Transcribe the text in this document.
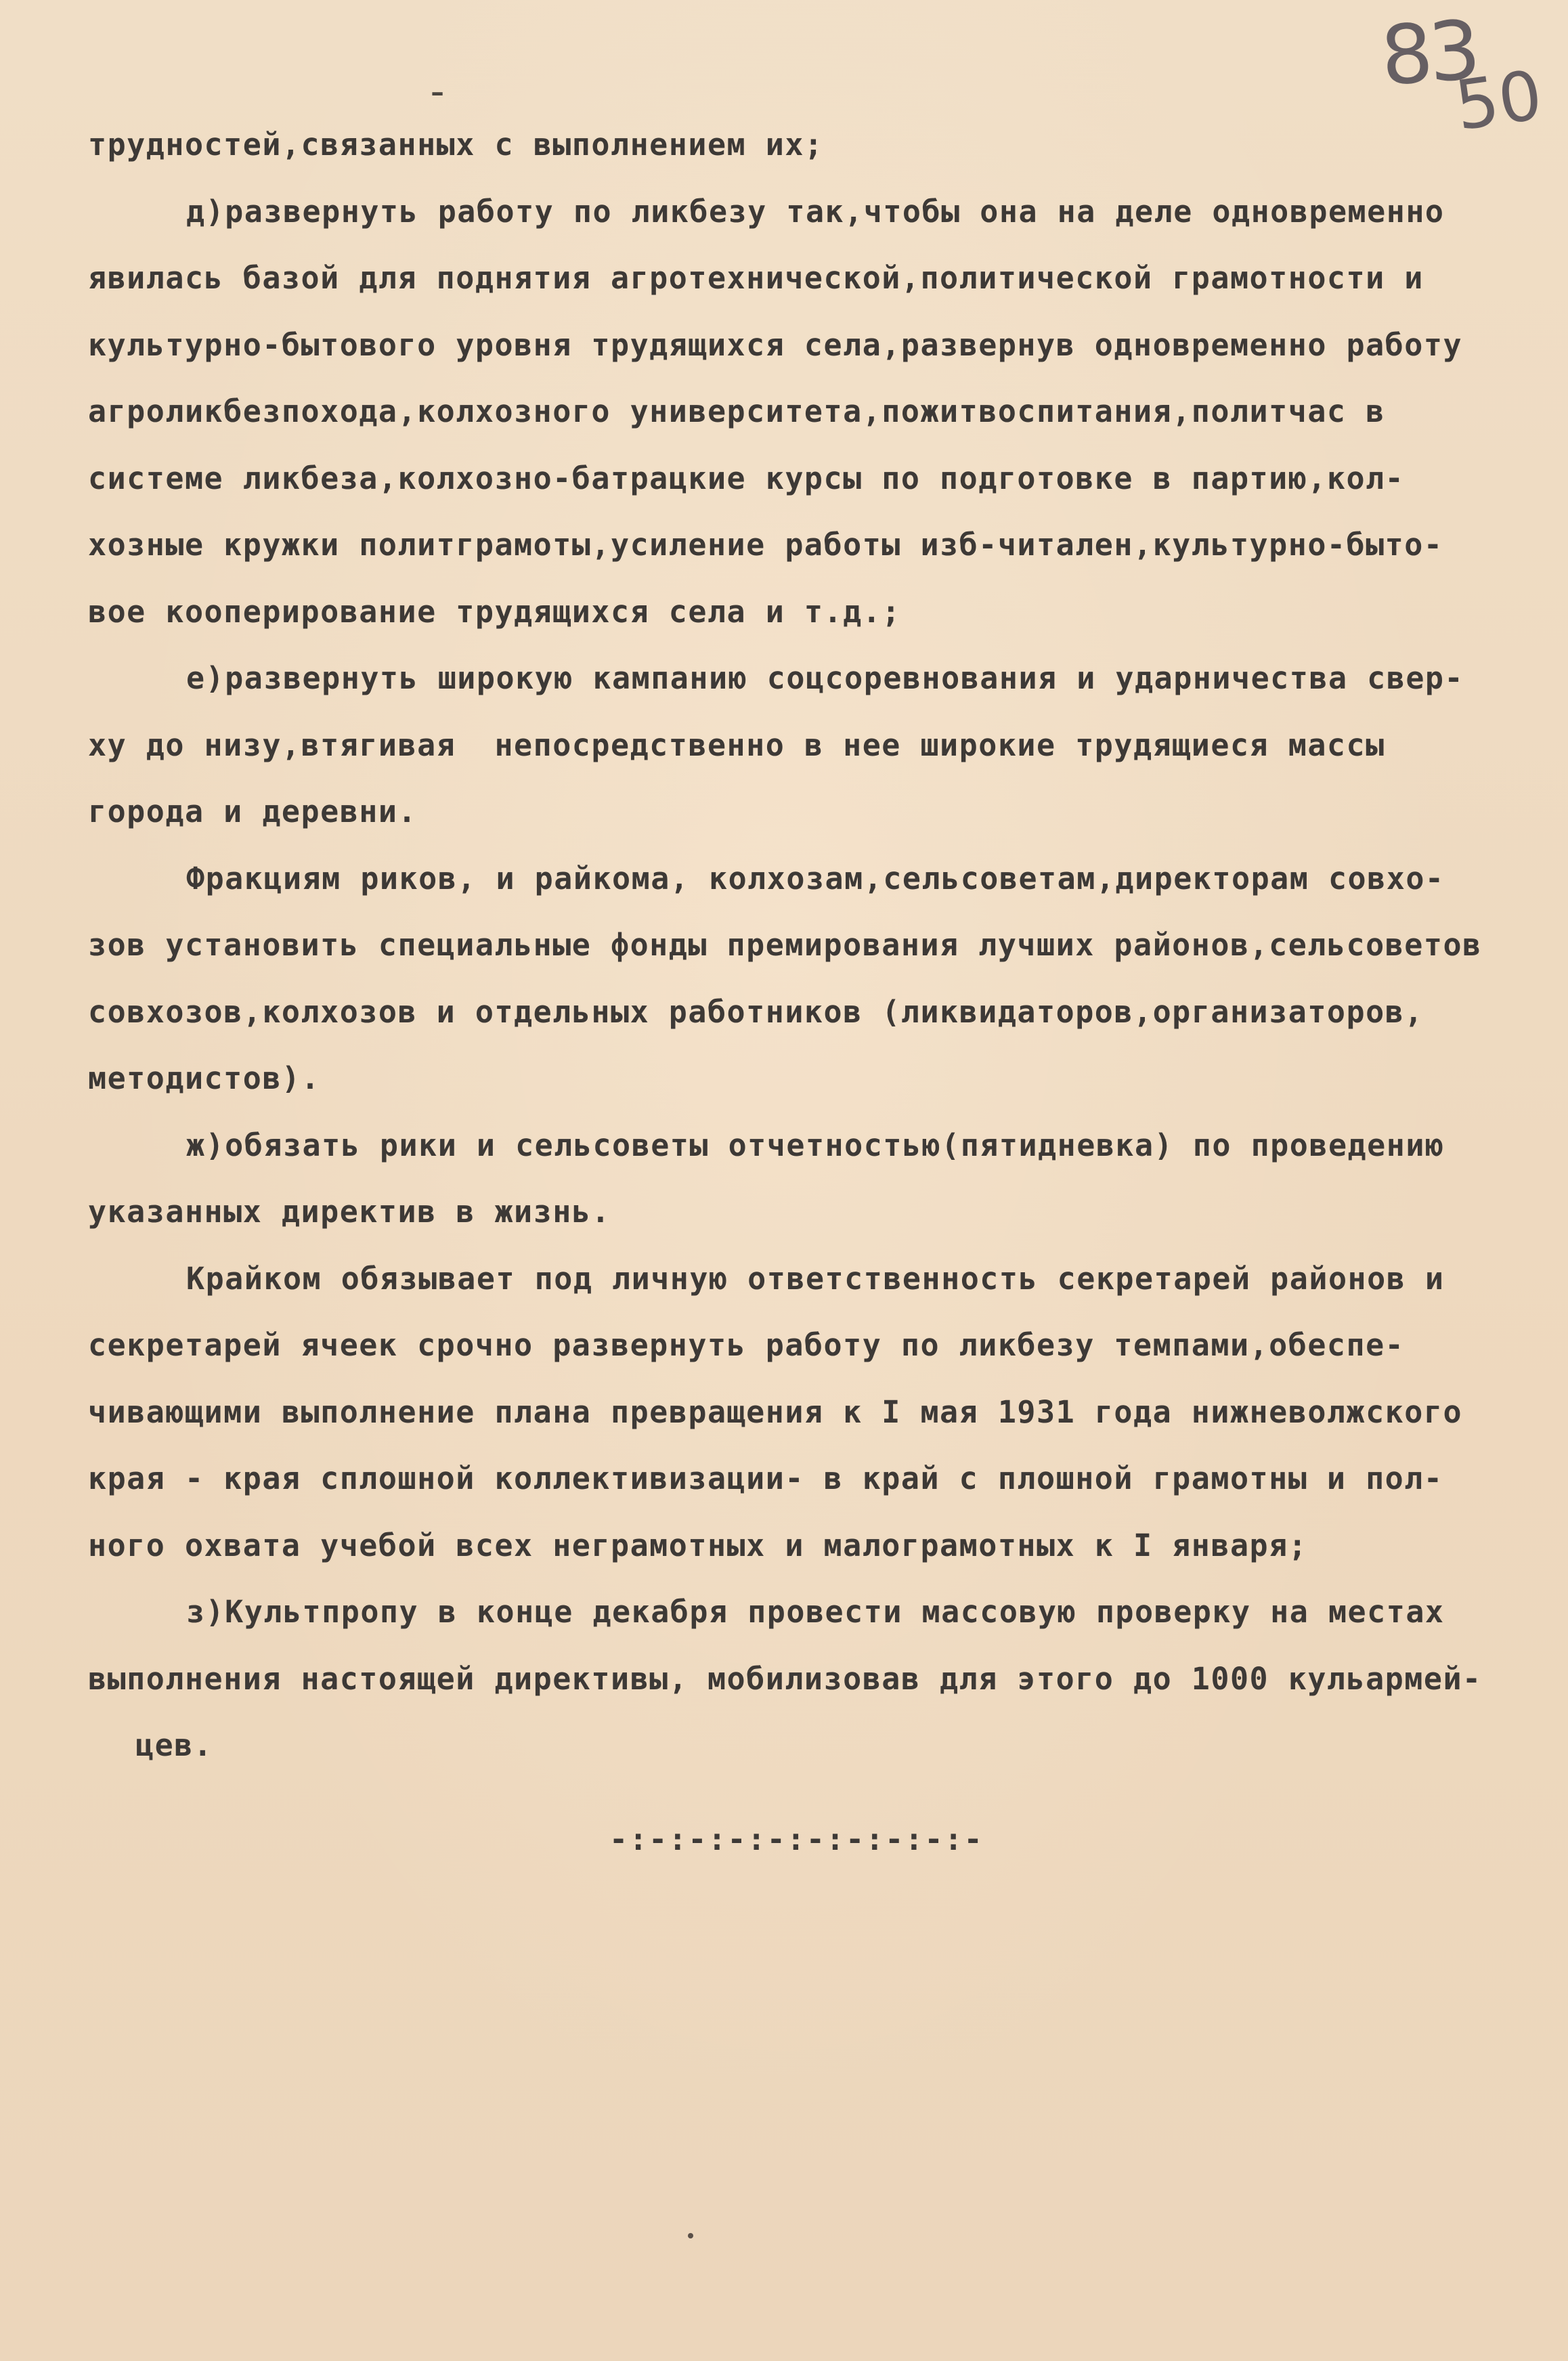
-	83
50
трудностей,связанных с выполнением их;
д)развернуть работу по ликбезу так,чтобы она на деле одновременно
явилась базой для поднятия агротехнической,политической грамотности и
культурно-бытового уровня трудящихся села,развернув одновременно работу
агроликбезпохода,колхозного университета,пожитвоспитания,политчас в
системе ликбеза,колхозно-батрацкие курсы по подготовке в партию,кол-
хозные кружки политграмоты,усиление работы изб-читален,культурно-быто-
вое кооперирование трудящихся села и т.д.;
е)развернуть широкую кампанию соцсоревнования и ударничества свер-
ху до низу,втягивая  непосредственно в нее широкие трудящиеся массы
города и деревни.
Фракциям риков, и райкома, колхозам,сельсоветам,директорам совхо-
зов установить специальные фонды премирования лучших районов,сельсоветов
совхозов,колхозов и отдельных работников (ликвидаторов,организаторов,
методистов).
ж)обязать рики и сельсоветы отчетностью(пятидневка) по проведению
указанных директив в жизнь.
Крайком обязывает под личную ответственность секретарей районов и
секретарей ячеек срочно развернуть работу по ликбезу темпами,обеспе-
чивающими выполнение плана превращения к I мая 1931 года нижневолжского
края - края сплошной коллективизации- в край с плошной грамотны и пол-
ного охвата учебой всех неграмотных и малограмотных к I января;
з)Культпропу в конце декабря провести массовую проверку на местах
выполнения настоящей директивы, мобилизовав для этого до 1000 кульармей-
цев.
-:-:-:-:-:-:-:-:-:-
